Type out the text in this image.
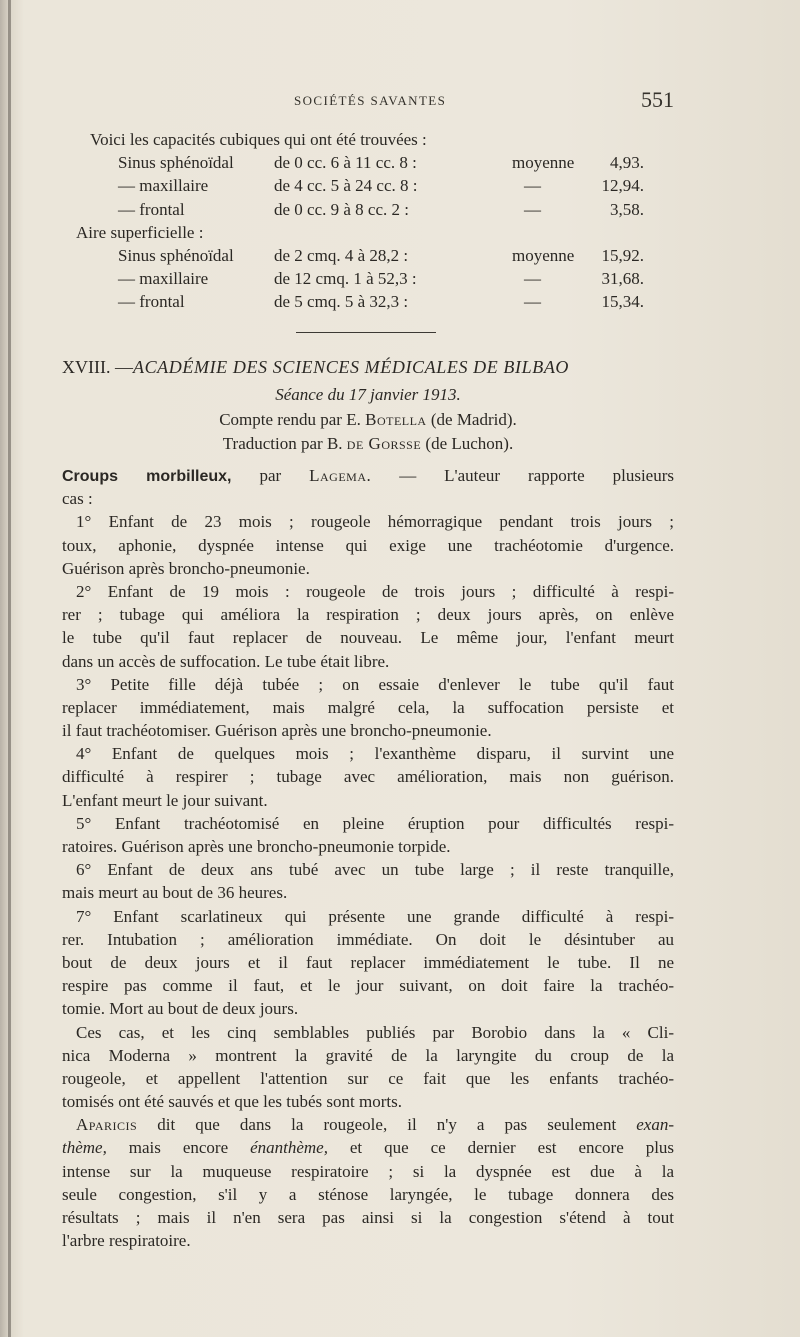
SOCIÉTÉS SAVANTES	551
Voici les capacités cubiques qui ont été trouvées :
Sinus sphénoïdal de 0 cc. 6 à 11 cc. 8 :	moyenne 4,93.
— maxillaire	de 4 cc. 5 à 24 cc. 8 :	—	12,94.
— frontal	de 0 cc. 9 à 8 cc. 2 :	—	3,58.
Aire superficielle :
Sinus sphénoïdal de 2 cmq. 4 à 28,2 :	moyenne 15,92.
— maxillaire	de 12 cmq. 1 à 52,3 :	—	31,68.
— frontal	de 5 cmq. 5 à 32,3 :	—	15,34.
XVIII. —ACADÉMIE DES SCIENCES MÉDICALES DE BILBAO
Séance du 17 janvier 1913.
Compte rendu par E. Botella (de Madrid).
Traduction par B. de Gorsse (de Luchon).
Croups morbilleux, par Lagema. — L'auteur rapporte plusieurs
cas :
1° Enfant de 23 mois ; rougeole hémorragique pendant trois jours ;
toux, aphonie, dyspnée intense qui exige une trachéotomie d'urgence.
Guérison après broncho-pneumonie.
2° Enfant de 19 mois : rougeole de trois jours ; difficulté à respi-
rer ; tubage qui améliora la respiration ; deux jours après, on enlève
le tube qu'il faut replacer de nouveau. Le même jour, l'enfant meurt
dans un accès de suffocation. Le tube était libre.
3° Petite fille déjà tubée ; on essaie d'enlever le tube qu'il faut
replacer immédiatement, mais malgré cela, la suffocation persiste et
il faut trachéotomiser. Guérison après une broncho-pneumonie.
4° Enfant de quelques mois ; l'exanthème disparu, il survint une
difficulté à respirer ; tubage avec amélioration, mais non guérison.
L'enfant meurt le jour suivant.
5° Enfant trachéotomisé en pleine éruption pour difficultés respi-
ratoires. Guérison après une broncho-pneumonie torpide.
6° Enfant de deux ans tubé avec un tube large ; il reste tranquille,
mais meurt au bout de 36 heures.
7° Enfant scarlatineux qui présente une grande difficulté à respi-
rer. Intubation ; amélioration immédiate. On doit le désintuber au
bout de deux jours et il faut replacer immédiatement le tube. Il ne
respire pas comme il faut, et le jour suivant, on doit faire la trachéo-
tomie. Mort au bout de deux jours.
Ces cas, et les cinq semblables publiés par Borobio dans la « Cli-
nica Moderna » montrent la gravité de la laryngite du croup de la
rougeole, et appellent l'attention sur ce fait que les enfants trachéo-
tomisés ont été sauvés et que les tubés sont morts.
Aparicis dit que dans la rougeole, il n'y a pas seulement exan-
thème, mais encore énanthème, et que ce dernier est encore plus
intense sur la muqueuse respiratoire ; si la dyspnée est due à la
seule congestion, s'il y a sténose laryngée, le tubage donnera des
résultats ; mais il n'en sera pas ainsi si la congestion s'étend à tout
l'arbre respiratoire.
